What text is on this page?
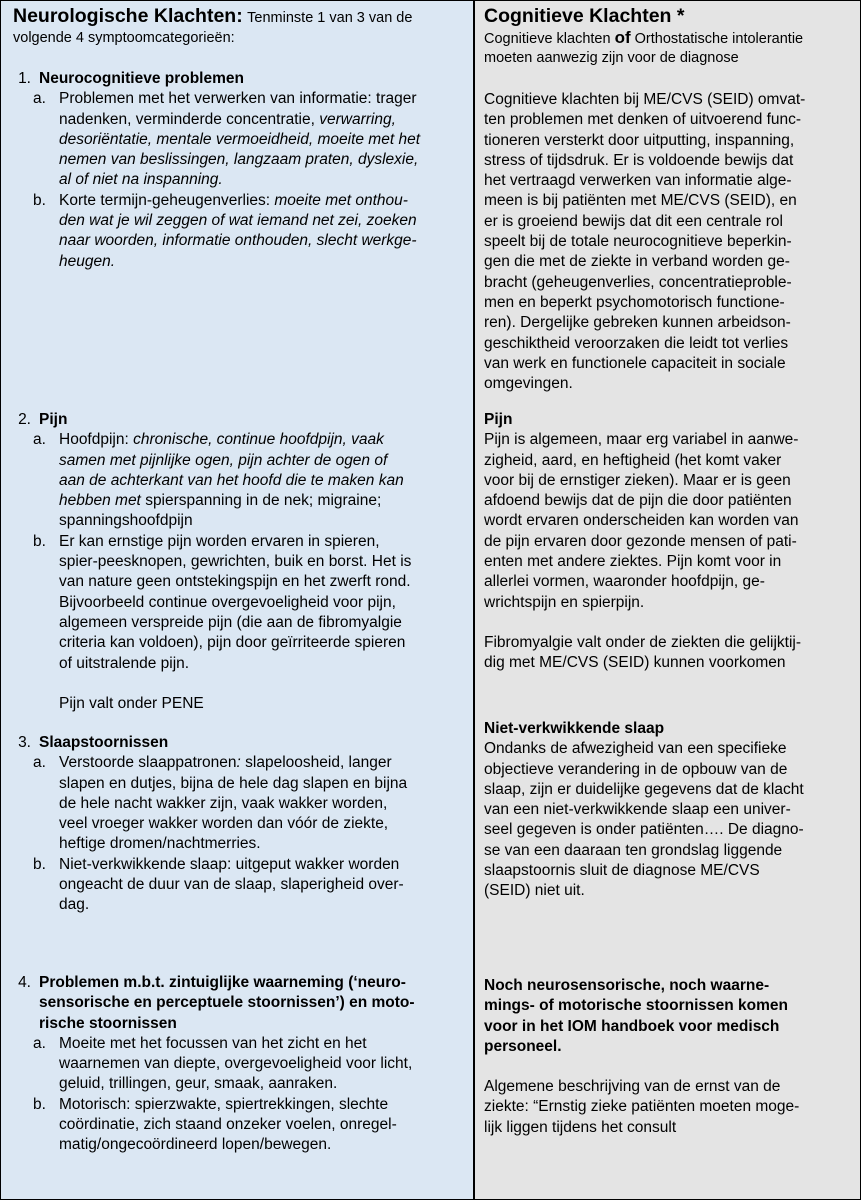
Neurologische Klachten: Tenminste 1 van 3 van de
volgende 4 symptoomcategorieën:
1. Neurocognitieve problemen
a. Problemen met het verwerken van informatie: trager
nadenken, verminderde concentratie, verwarring,
desoriëntatie, mentale vermoeidheid, moeite met het
nemen van beslissingen, langzaam praten, dyslexie,
al of niet na inspanning.
b. Korte termijn-geheugenverlies: moeite met onthou-
den wat je wil zeggen of wat iemand net zei, zoeken
naar woorden, informatie onthouden, slecht werkge-
heugen.
2. Pijn
a. Hoofdpijn: chronische, continue hoofdpijn, vaak
samen met pijnlijke ogen, pijn achter de ogen of
aan de achterkant van het hoofd die te maken kan
hebben met spierspanning in de nek; migraine;
spanningshoofdpijn
b. Er kan ernstige pijn worden ervaren in spieren,
spier-peesknopen, gewrichten, buik en borst. Het is
van nature geen ontstekingspijn en het zwerft rond.
Bijvoorbeeld continue overgevoeligheid voor pijn,
algemeen verspreide pijn (die aan de fibromyalgie
criteria kan voldoen), pijn door geïrriteerde spieren
of uitstralende pijn.
Pijn valt onder PENE
3. Slaapstoornissen
a. Verstoorde slaappatronen: slapeloosheid, langer
slapen en dutjes, bijna de hele dag slapen en bijna
de hele nacht wakker zijn, vaak wakker worden,
veel vroeger wakker worden dan vóór de ziekte,
heftige dromen/nachtmerries.
b. Niet-verkwikkende slaap: uitgeput wakker worden
ongeacht de duur van de slaap, slaperigheid over-
dag.
4. Problemen m.b.t. zintuiglijke waarneming (‘neuro-
sensorische en perceptuele stoornissen’) en moto-
rische stoornissen
a. Moeite met het focussen van het zicht en het
waarnemen van diepte, overgevoeligheid voor licht,
geluid, trillingen, geur, smaak, aanraken.
b. Motorisch: spierzwakte, spiertrekkingen, slechte
coördinatie, zich staand onzeker voelen, onregel-
matig/ongecoördineerd lopen/bewegen.
Cognitieve Klachten *
Cognitieve klachten of Orthostatische intolerantie
moeten aanwezig zijn voor de diagnose
Cognitieve klachten bij ME/CVS (SEID) omvat-
ten problemen met denken of uitvoerend func-
tioneren versterkt door uitputting, inspanning,
stress of tijdsdruk. Er is voldoende bewijs dat
het vertraagd verwerken van informatie alge-
meen is bij patiënten met ME/CVS (SEID), en
er is groeiend bewijs dat dit een centrale rol
speelt bij de totale neurocognitieve beperkin-
gen die met de ziekte in verband worden ge-
bracht (geheugenverlies, concentratieproble-
men en beperkt psychomotorisch functione-
ren). Dergelijke gebreken kunnen arbeidson-
geschiktheid veroorzaken die leidt tot verlies
van werk en functionele capaciteit in sociale
omgevingen.
Pijn
Pijn is algemeen, maar erg variabel in aanwe-
zigheid, aard, en heftigheid (het komt vaker
voor bij de ernstiger zieken). Maar er is geen
afdoend bewijs dat de pijn die door patiënten
wordt ervaren onderscheiden kan worden van
de pijn ervaren door gezonde mensen of pati-
enten met andere ziektes. Pijn komt voor in
allerlei vormen, waaronder hoofdpijn, ge-
wrichtspijn en spierpijn.
Fibromyalgie valt onder de ziekten die gelijktij-
dig met ME/CVS (SEID) kunnen voorkomen
Niet-verkwikkende slaap
Ondanks de afwezigheid van een specifieke
objectieve verandering in de opbouw van de
slaap, zijn er duidelijke gegevens dat de klacht
van een niet-verkwikkende slaap een univer-
seel gegeven is onder patiënten…. De diagno-
se van een daaraan ten grondslag liggende
slaapstoornis sluit de diagnose ME/CVS
(SEID) niet uit.
Noch neurosensorische, noch waarne-
mings- of motorische stoornissen komen
voor in het IOM handboek voor medisch
personeel.
Algemene beschrijving van de ernst van de
ziekte: “Ernstig zieke patiënten moeten moge-
lijk liggen tijdens het consult
